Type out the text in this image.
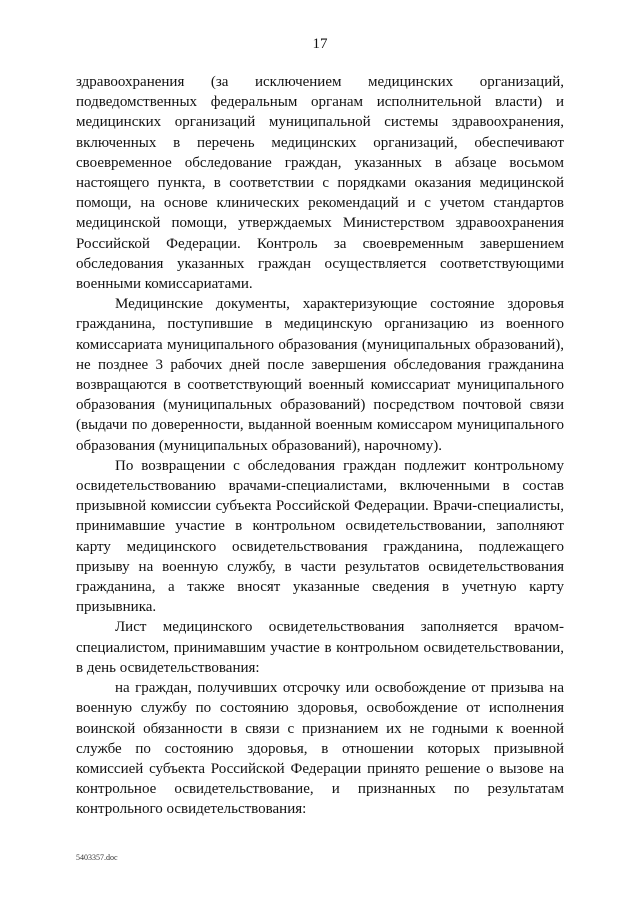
17

здравоохранения (за исключением медицинских организаций, подведомственных федеральным органам исполнительной власти) и медицинских организаций муниципальной системы здравоохранения, включенных в перечень медицинских организаций, обеспечивают своевременное обследование граждан, указанных в абзаце восьмом настоящего пункта, в соответствии с порядками оказания медицинской помощи, на основе клинических рекомендаций и с учетом стандартов медицинской помощи, утверждаемых Министерством здравоохранения Российской Федерации. Контроль за своевременным завершением обследования указанных граждан осуществляется соответствующими военными комиссариатами.

Медицинские документы, характеризующие состояние здоровья гражданина, поступившие в медицинскую организацию из военного комиссариата муниципального образования (муниципальных образований), не позднее 3 рабочих дней после завершения обследования гражданина возвращаются в соответствующий военный комиссариат муниципального образования (муниципальных образований) посредством почтовой связи (выдачи по доверенности, выданной военным комиссаром муниципального образования (муниципальных образований), нарочному).

По возвращении с обследования граждан подлежит контрольному освидетельствованию врачами-специалистами, включенными в состав призывной комиссии субъекта Российской Федерации. Врачи-специалисты, принимавшие участие в контрольном освидетельствовании, заполняют карту медицинского освидетельствования гражданина, подлежащего призыву на военную службу, в части результатов освидетельствования гражданина, а также вносят указанные сведения в учетную карту призывника.

Лист медицинского освидетельствования заполняется врачом-специалистом, принимавшим участие в контрольном освидетельствовании, в день освидетельствования:

на граждан, получивших отсрочку или освобождение от призыва на военную службу по состоянию здоровья, освобождение от исполнения воинской обязанности в связи с признанием их не годными к военной службе по состоянию здоровья, в отношении которых призывной комиссией субъекта Российской Федерации принято решение о вызове на контрольное освидетельствование, и признанных по результатам контрольного освидетельствования:

5403357.doc
